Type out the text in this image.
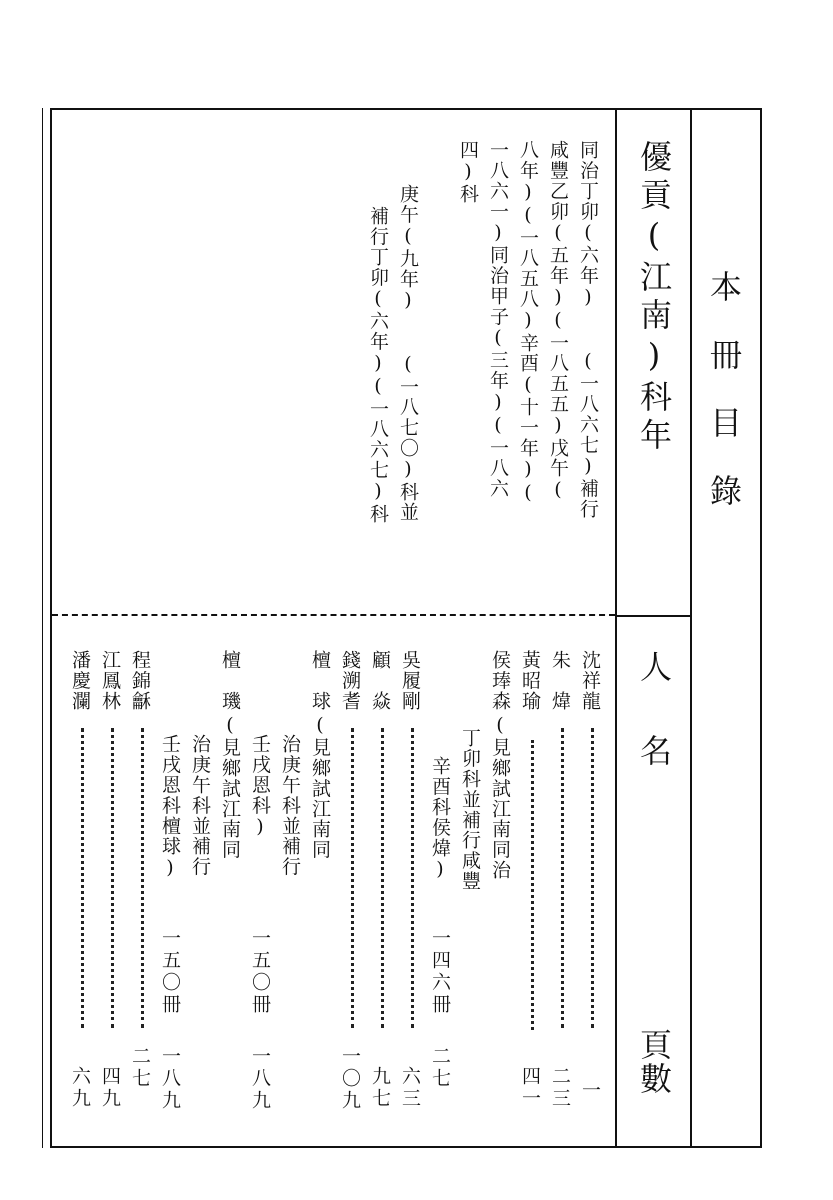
本冊目錄
優貢(江南)科年
人名
頁數
同治丁卯(六年)　　(一八六七)補行
咸豐乙卯(五年)(一八五五)戊午(
八年)(一八五八)辛酉(十一年)(
一八六一)同治甲子(三年)(一八六
四)科
庚午(九年)　　(一八七〇)科並
補行丁卯(六年)(一八六七)科
沈祥龍
一
朱　煒
二三
黃昭瑜
四一
侯琫森
(見鄉試江南同治
丁卯科並補行咸豐
辛酉科侯煒)
一四六冊
二七
吳履剛
六三
顧　焱
九七
錢溯耆
一〇九
檀　球
(見鄉試江南同
治庚午科並補行
壬戌恩科)
一五〇冊
一八九
檀　璣
(見鄉試江南同
治庚午科並補行
壬戌恩科檀球)
一五〇冊
一八九
程錦龢
二七
江鳳林
四九
潘慶瀾
六九
